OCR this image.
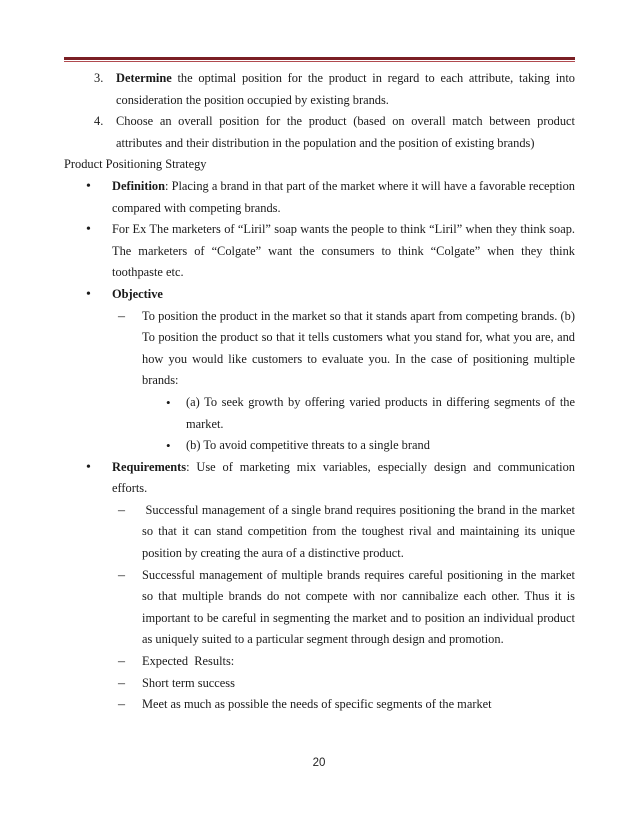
3.	Determine the optimal position for the product in regard to each attribute, taking into consideration the position occupied by existing brands.
4.	Choose an overall position for the product (based on overall match between product attributes and their distribution in the population and the position of existing brands)
Product Positioning Strategy
•	Definition: Placing a brand in that part of the market where it will have a favorable reception compared with competing brands.
•	For Ex The marketers of “Liril” soap wants the people to think “Liril” when they think soap. The marketers of “Colgate” want the consumers to think “Colgate” when they think toothpaste etc.
•	Objective
–	To position the product in the market so that it stands apart from competing brands. (b) To position the product so that it tells customers what you stand for, what you are, and how you would like customers to evaluate you. In the case of positioning multiple brands:
•	(a) To seek growth by offering varied products in differing segments of the market.
•	(b) To avoid competitive threats to a single brand
•	Requirements: Use of marketing mix variables, especially design and communication efforts.
–	Successful management of a single brand requires positioning the brand in the market so that it can stand competition from the toughest rival and maintaining its unique position by creating the aura of a distinctive product.
–	Successful management of multiple brands requires careful positioning in the market so that multiple brands do not compete with nor cannibalize each other. Thus it is important to be careful in segmenting the market and to position an individual product as uniquely suited to a particular segment through design and promotion.
–	Expected  Results:
–	Short term success
–	Meet as much as possible the needs of specific segments of the market
20
